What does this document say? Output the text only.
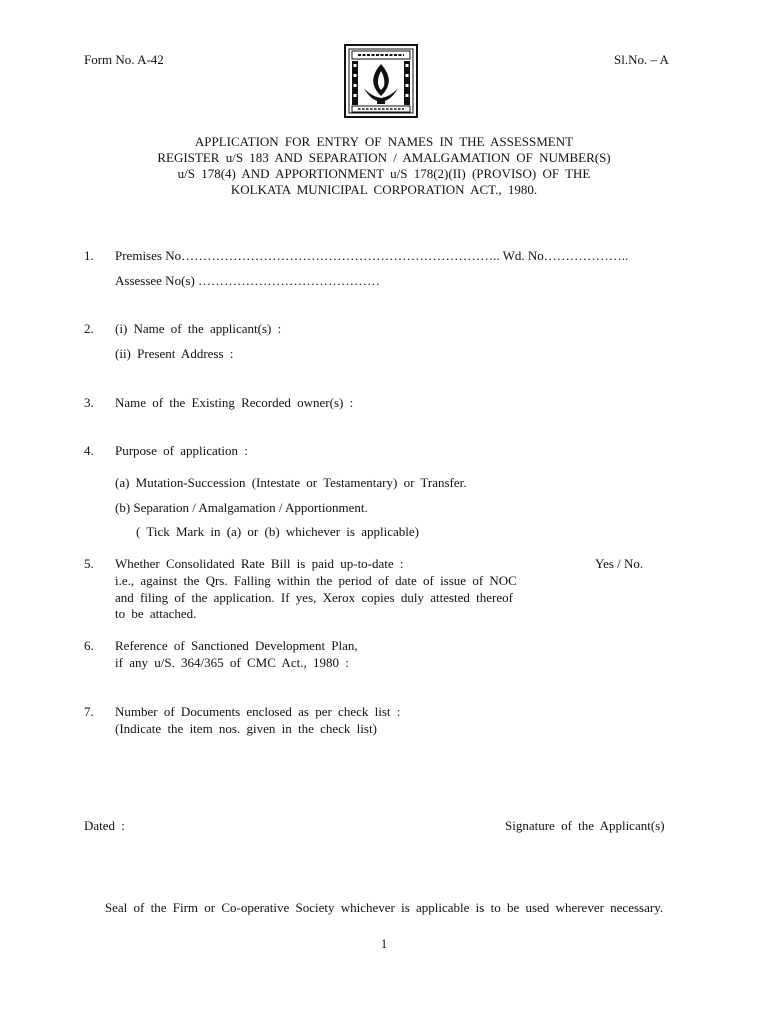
Form No. A-42	Sl.No. – A
APPLICATION FOR ENTRY OF NAMES IN THE ASSESSMENT
REGISTER u/S 183 AND SEPARATION / AMALGAMATION OF NUMBER(S)
u/S 178(4) AND APPORTIONMENT u/S 178(2)(II) (PROVISO) OF THE
KOLKATA MUNICIPAL CORPORATION ACT., 1980.
1. Premises No……………………………………………………………….. Wd. No………………..
Assessee No(s) ……………………………………
2. (i) Name of the applicant(s) :
(ii) Present Address :
3. Name of the Existing Recorded owner(s) :
4. Purpose of application :
(a) Mutation-Succession (Intestate or Testamentary) or Transfer.
(b) Separation / Amalgamation / Apportionment.
( Tick Mark in (a) or (b) whichever is applicable)
5. Whether Consolidated Rate Bill is paid up-to-date :	Yes / No.
i.e., against the Qrs. Falling within the period of date of issue of NOC
and filing of the application. If yes, Xerox copies duly attested thereof
to be attached.
6. Reference of Sanctioned Development Plan,
if any u/S. 364/365 of CMC Act., 1980 :
7. Number of Documents enclosed as per check list :
(Indicate the item nos. given in the check list)
Dated :	Signature of the Applicant(s)
Seal of the Firm or Co-operative Society whichever is applicable is to be used wherever necessary.
1
